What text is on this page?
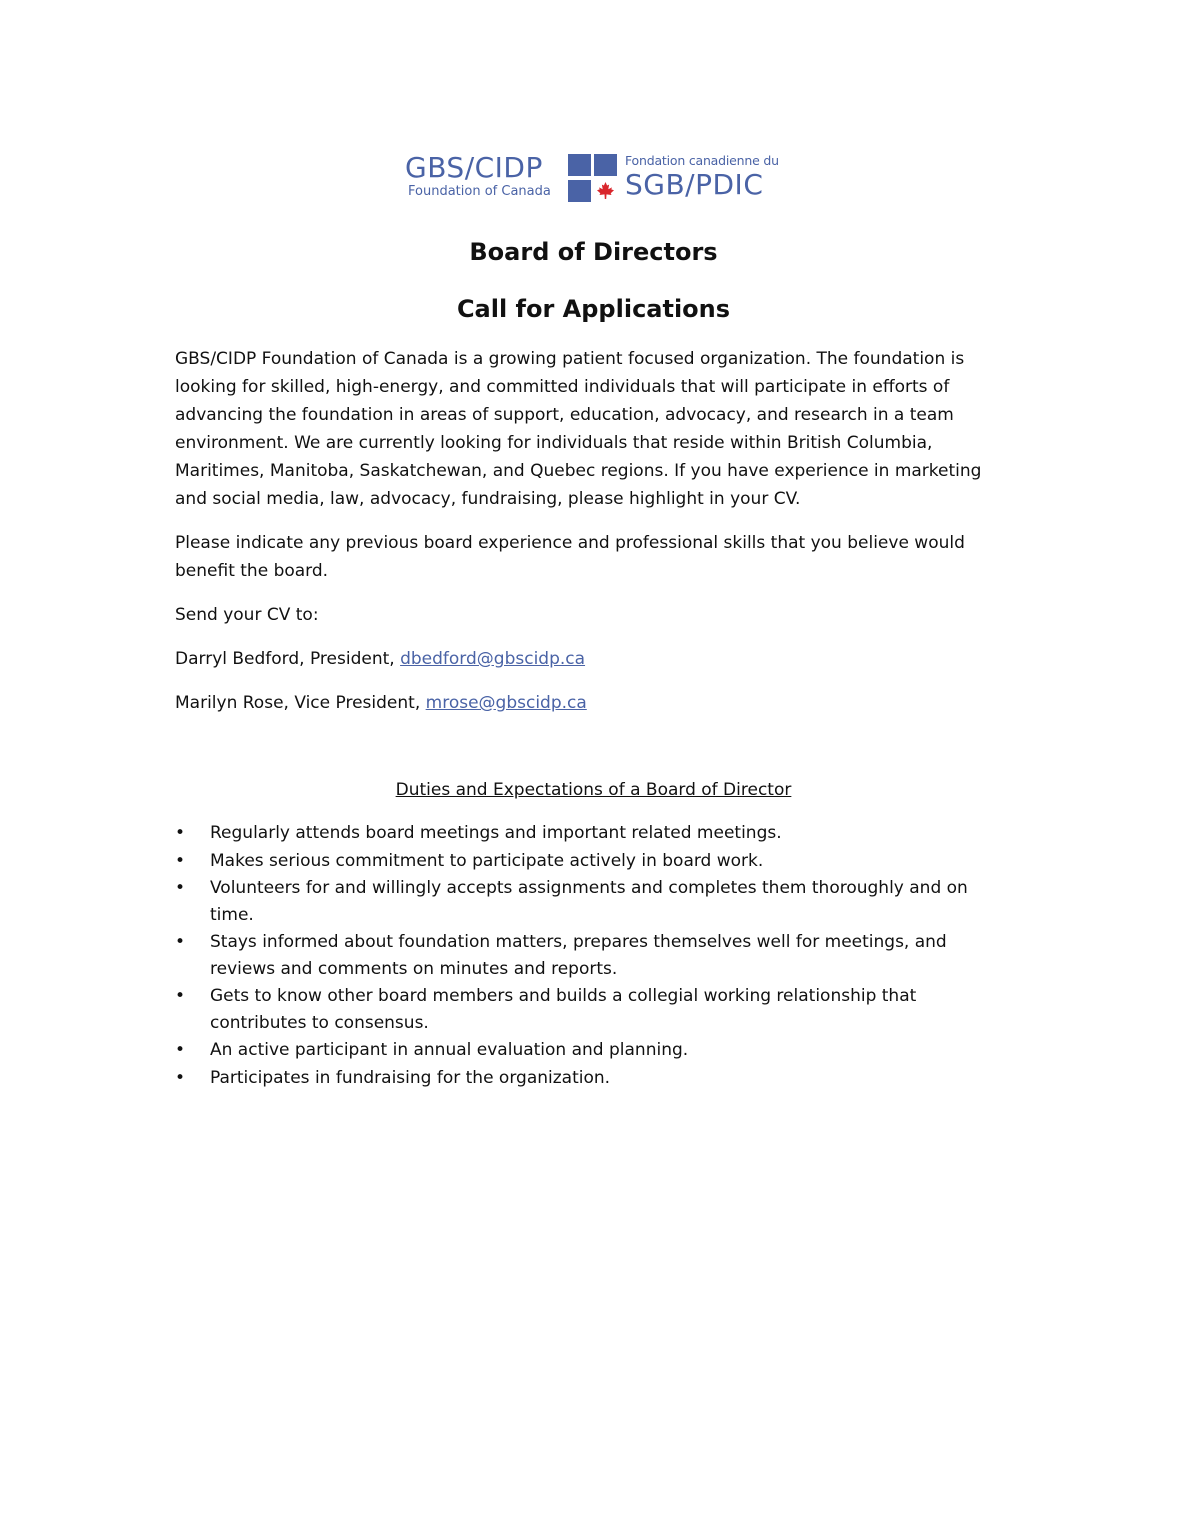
GBS/CIDP
Foundation of Canada
Fondation canadienne du
SGB/PDIC
Board of Directors
Call for Applications
GBS/CIDP Foundation of Canada is a growing patient focused organization. The foundation is looking for skilled, high-energy, and committed individuals that will participate in efforts of advancing the foundation in areas of support, education, advocacy, and research in a team environment. We are currently looking for individuals that reside within British Columbia, Maritimes, Manitoba, Saskatchewan, and Quebec regions. If you have experience in marketing and social media, law, advocacy, fundraising, please highlight in your CV.
Please indicate any previous board experience and professional skills that you believe would benefit the board.
Send your CV to:
Darryl Bedford, President, dbedford@gbscidp.ca
Marilyn Rose, Vice President, mrose@gbscidp.ca
Duties and Expectations of a Board of Director
• Regularly attends board meetings and important related meetings.
• Makes serious commitment to participate actively in board work.
• Volunteers for and willingly accepts assignments and completes them thoroughly and on time.
• Stays informed about foundation matters, prepares themselves well for meetings, and reviews and comments on minutes and reports.
• Gets to know other board members and builds a collegial working relationship that contributes to consensus.
• An active participant in annual evaluation and planning.
• Participates in fundraising for the organization.
